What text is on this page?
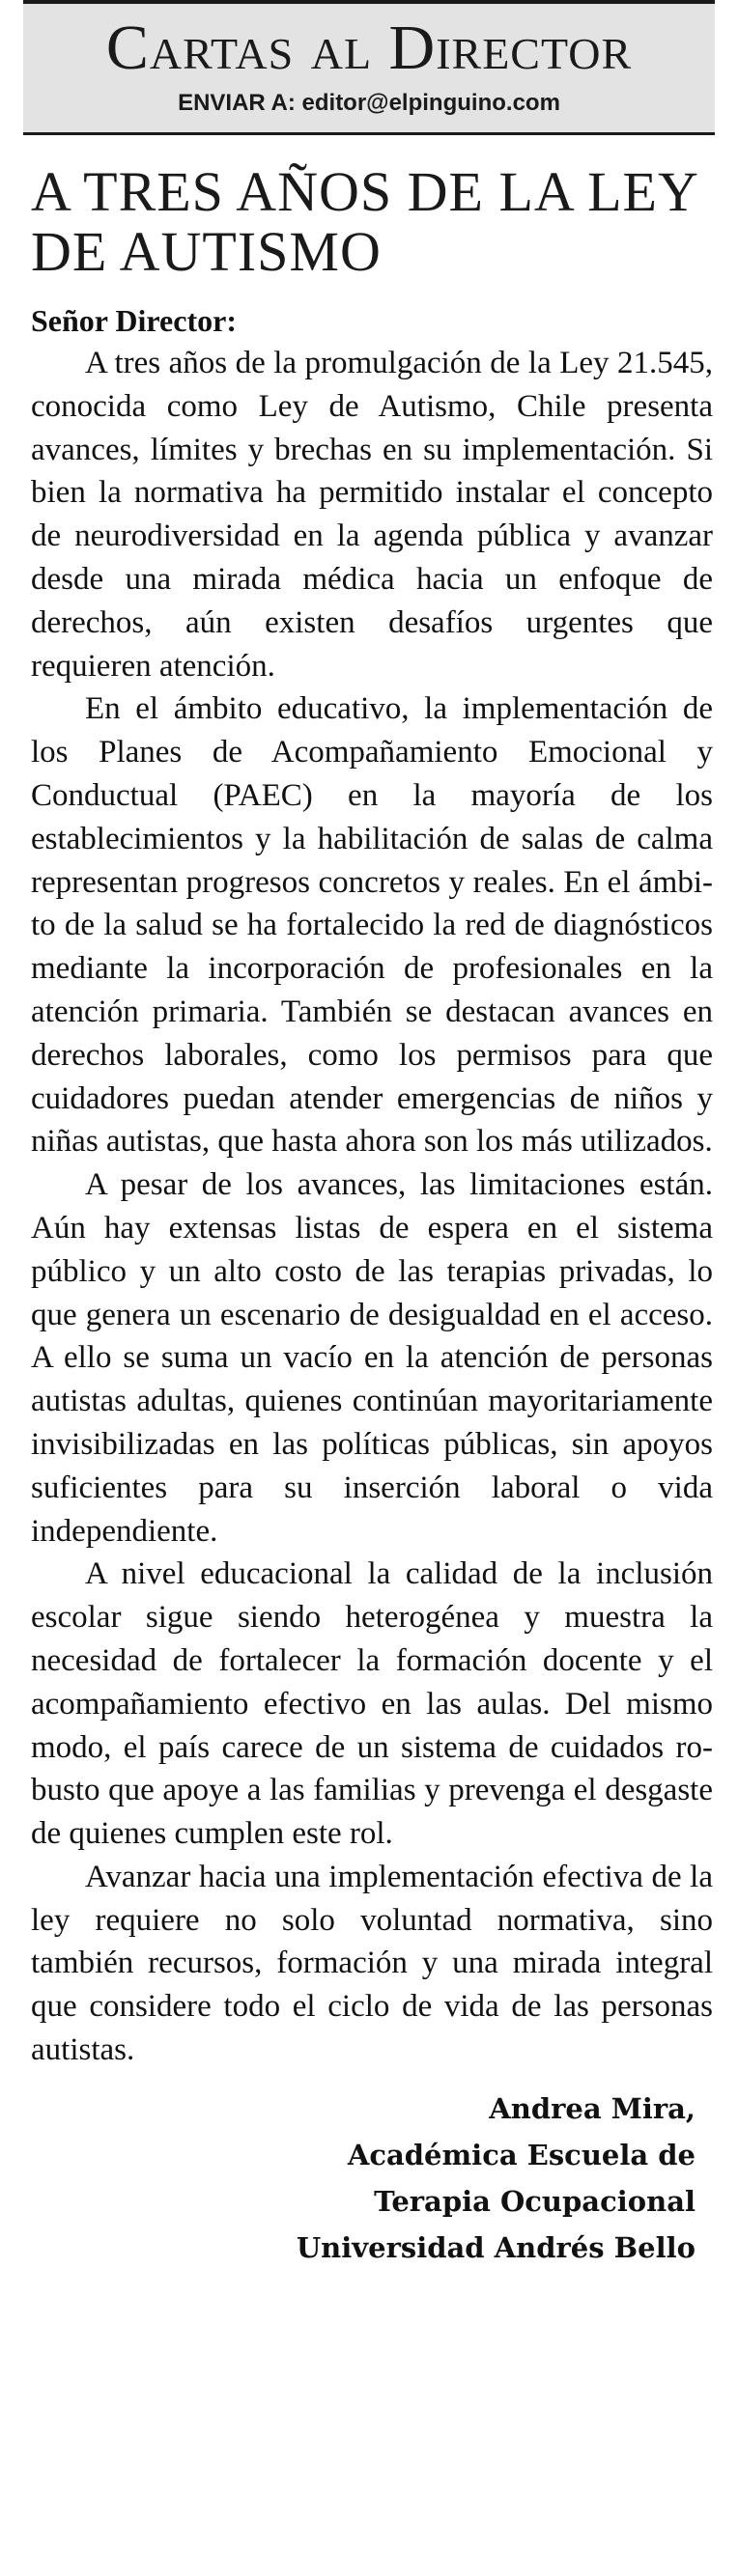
Cartas al Director
ENVIAR A: editor@elpinguino.com
A TRES AÑOS DE LA LEY DE AUTISMO
Señor Director:

A tres años de la promulgación de la Ley 21.545, conocida como Ley de Autismo, Chile presenta avances, límites y brechas en su implementación. Si bien la normativa ha permitido instalar el concepto de neurodiversidad en la agenda pública y avanzar desde una mirada médica hacia un enfoque de derechos, aún existen desafíos urgentes que requieren atención.

En el ámbito educativo, la implementación de los Planes de Acompañamiento Emocional y Conductual (PAEC) en la mayoría de los establecimientos y la habilitación de salas de calma representan progresos concretos y reales. En el ámbito de la salud se ha fortalecido la red de diagnósticos mediante la incorporación de profesionales en la atención primaria. También se destacan avances en derechos laborales, como los permisos para que cuidadores puedan atender emergencias de niños y niñas autistas, que hasta ahora son los más utilizados.

A pesar de los avances, las limitaciones están. Aún hay extensas listas de espera en el sistema público y un alto costo de las terapias privadas, lo que genera un escenario de desigualdad en el acceso. A ello se suma un vacío en la atención de personas autistas adultas, quienes continúan mayoritariamente invisibilizadas en las políticas públicas, sin apoyos suficientes para su inserción laboral o vida independiente.

A nivel educacional la calidad de la inclusión escolar sigue siendo heterogénea y muestra la necesidad de fortalecer la formación docente y el acompañamiento efectivo en las aulas. Del mismo modo, el país carece de un sistema de cuidados robusto que apoye a las familias y prevenga el desgaste de quienes cumplen este rol.

Avanzar hacia una implementación efectiva de la ley requiere no solo voluntad normativa, sino también recursos, formación y una mirada integral que considere todo el ciclo de vida de las personas autistas.

Andrea Mira,
Académica Escuela de
Terapia Ocupacional
Universidad Andrés Bello
